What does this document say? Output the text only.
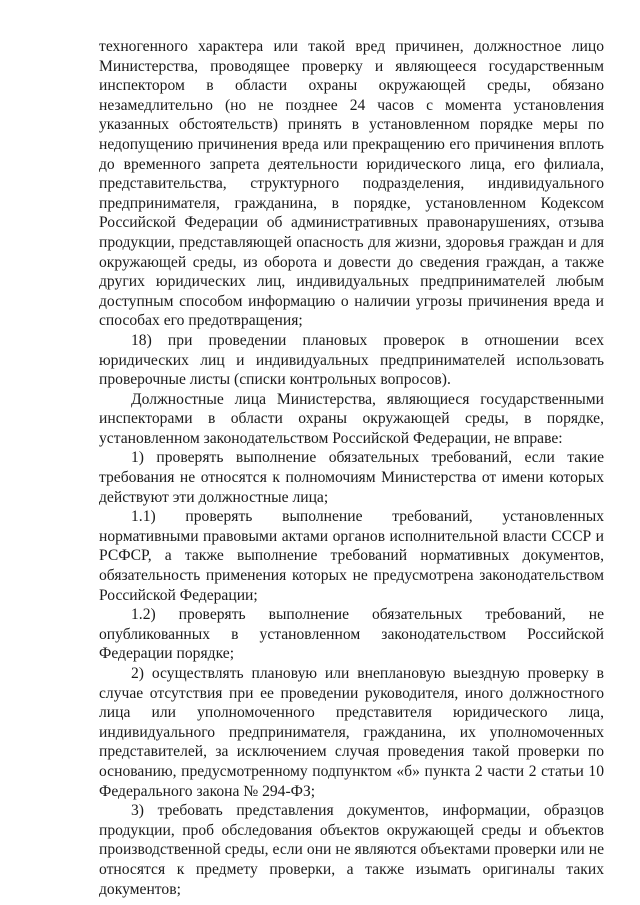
техногенного характера или такой вред причинен, должностное лицо Министерства, проводящее проверку и являющееся государственным инспектором в области охраны окружающей среды, обязано незамедлительно (но не позднее 24 часов с момента установления указанных обстоятельств) принять в установленном порядке меры по недопущению причинения вреда или прекращению его причинения вплоть до временного запрета деятельности юридического лица, его филиала, представительства, структурного подразделения, индивидуального предпринимателя, гражданина, в порядке, установленном Кодексом Российской Федерации об административных правонарушениях, отзыва продукции, представляющей опасность для жизни, здоровья граждан и для окружающей среды, из оборота и довести до сведения граждан, а также других юридических лиц, индивидуальных предпринимателей любым доступным способом информацию о наличии угрозы причинения вреда и способах его предотвращения;

18) при проведении плановых проверок в отношении всех юридических лиц и индивидуальных предпринимателей использовать проверочные листы (списки контрольных вопросов).

Должностные лица Министерства, являющиеся государственными инспекторами в области охраны окружающей среды, в порядке, установленном законодательством Российской Федерации, не вправе:

1) проверять выполнение обязательных требований, если такие требования не относятся к полномочиям Министерства от имени которых действуют эти должностные лица;

1.1) проверять выполнение требований, установленных нормативными правовыми актами органов исполнительной власти СССР и РСФСР, а также выполнение требований нормативных документов, обязательность применения которых не предусмотрена законодательством Российской Федерации;

1.2) проверять выполнение обязательных требований, не опубликованных в установленном законодательством Российской Федерации порядке;

2) осуществлять плановую или внеплановую выездную проверку в случае отсутствия при ее проведении руководителя, иного должностного лица или уполномоченного представителя юридического лица, индивидуального предпринимателя, гражданина, их уполномоченных представителей, за исключением случая проведения такой проверки по основанию, предусмотренному подпунктом «б» пункта 2 части 2 статьи 10 Федерального закона № 294-ФЗ;

3) требовать представления документов, информации, образцов продукции, проб обследования объектов окружающей среды и объектов производственной среды, если они не являются объектами проверки или не относятся к предмету проверки, а также изымать оригиналы таких документов;
